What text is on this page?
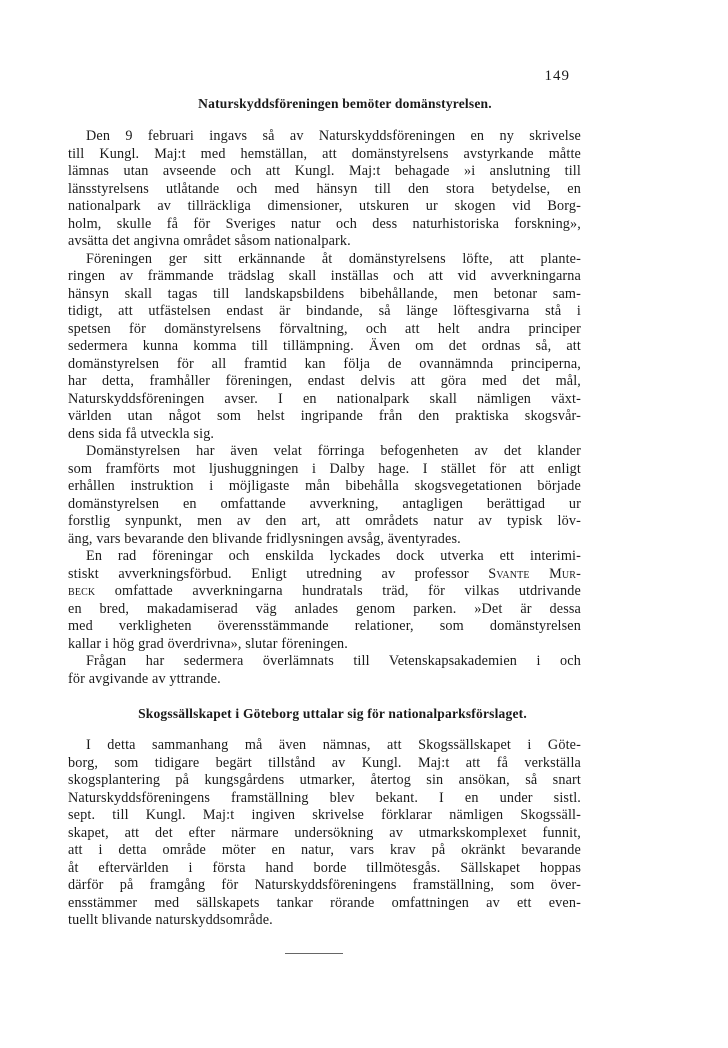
149
Naturskyddsföreningen bemöter domänstyrelsen.
Den 9 februari ingavs så av Naturskyddsföreningen en ny skrivelse
till Kungl. Maj:t med hemställan, att domänstyrelsens avstyrkande måtte
lämnas utan avseende och att Kungl. Maj:t behagade »i anslutning till
länsstyrelsens utlåtande och med hänsyn till den stora betydelse, en
nationalpark av tillräckliga dimensioner, utskuren ur skogen vid Borg-
holm, skulle få för Sveriges natur och dess naturhistoriska forskning»,
avsätta det angivna området såsom nationalpark.
Föreningen ger sitt erkännande åt domänstyrelsens löfte, att plante-
ringen av främmande trädslag skall inställas och att vid avverkningarna
hänsyn skall tagas till landskapsbildens bibehållande, men betonar sam-
tidigt, att utfästelsen endast är bindande, så länge löftesgivarna stå i
spetsen för domänstyrelsens förvaltning, och att helt andra principer
sedermera kunna komma till tillämpning. Även om det ordnas så, att
domänstyrelsen för all framtid kan följa de ovannämnda principerna,
har detta, framhåller föreningen, endast delvis att göra med det mål,
Naturskyddsföreningen avser. I en nationalpark skall nämligen växt-
världen utan något som helst ingripande från den praktiska skogsvår-
dens sida få utveckla sig.
Domänstyrelsen har även velat förringa befogenheten av det klander
som framförts mot ljushuggningen i Dalby hage. I stället för att enligt
erhållen instruktion i möjligaste mån bibehålla skogsvegetationen började
domänstyrelsen en omfattande avverkning, antagligen berättigad ur
forstlig synpunkt, men av den art, att områdets natur av typisk löv-
äng, vars bevarande den blivande fridlysningen avsåg, äventyrades.
En rad föreningar och enskilda lyckades dock utverka ett interimi-
stiskt avverkningsförbud. Enligt utredning av professor Svante Mur-
beck omfattade avverkningarna hundratals träd, för vilkas utdrivande
en bred, makadamiserad väg anlades genom parken. »Det är dessa
med verkligheten överensstämmande relationer, som domänstyrelsen
kallar i hög grad överdrivna», slutar föreningen.
Frågan har sedermera överlämnats till Vetenskapsakademien i och
för avgivande av yttrande.
Skogssällskapet i Göteborg uttalar sig för nationalparksförslaget.
I detta sammanhang må även nämnas, att Skogssällskapet i Göte-
borg, som tidigare begärt tillstånd av Kungl. Maj:t att få verkställa
skogsplantering på kungsgårdens utmarker, återtog sin ansökan, så snart
Naturskyddsföreningens framställning blev bekant. I en under sistl.
sept. till Kungl. Maj:t ingiven skrivelse förklarar nämligen Skogssäll-
skapet, att det efter närmare undersökning av utmarkskomplexet funnit,
att i detta område möter en natur, vars krav på okränkt bevarande
åt eftervärlden i första hand borde tillmötesgås. Sällskapet hoppas
därför på framgång för Naturskyddsföreningens framställning, som över-
ensstämmer med sällskapets tankar rörande omfattningen av ett even-
tuellt blivande naturskyddsområde.
